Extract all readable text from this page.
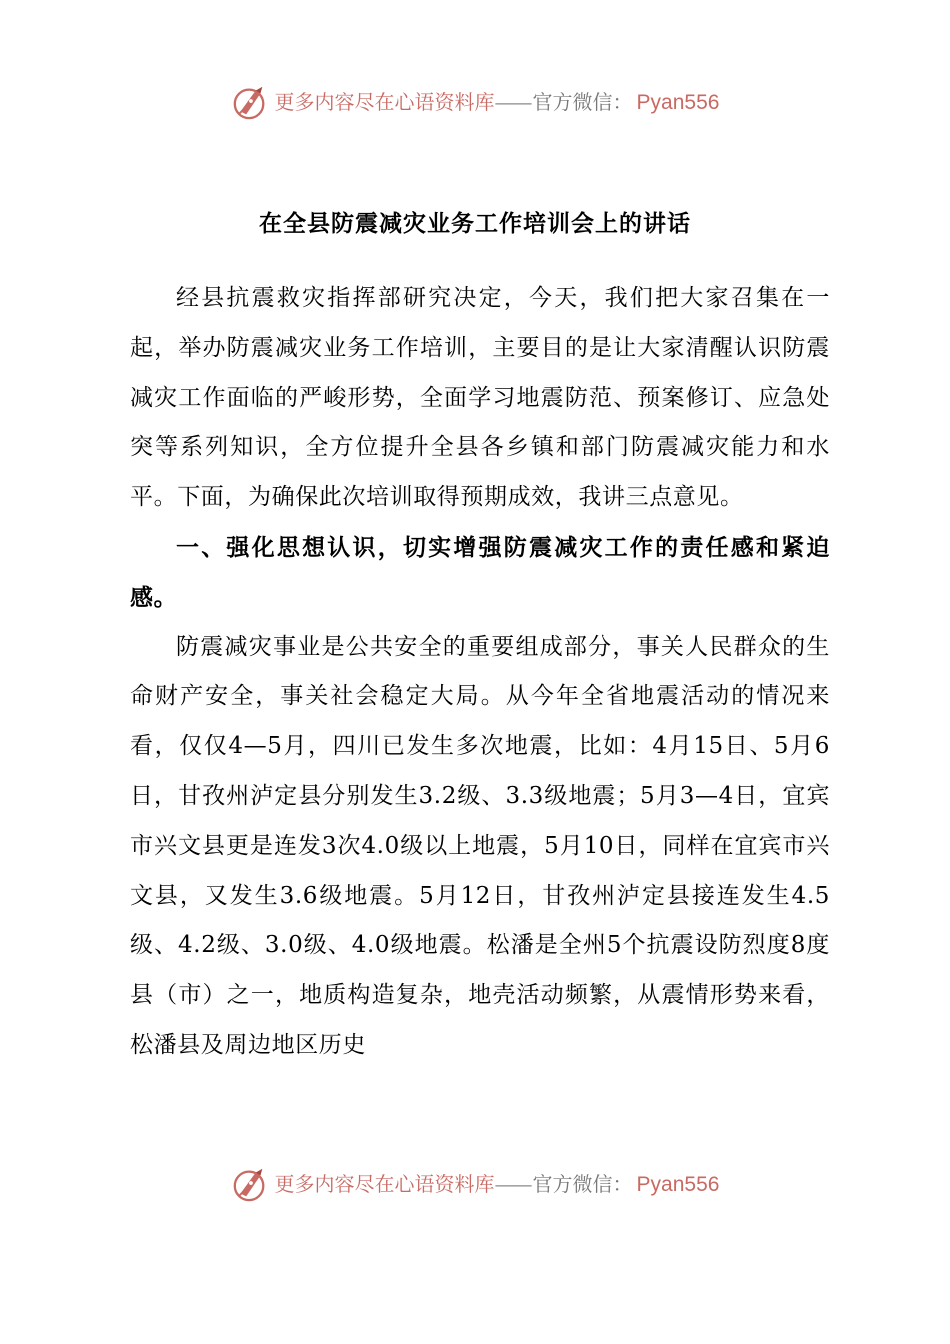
更多内容尽在心语资料库 —— 官方微信： Pyan556
在全县防震减灾业务工作培训会上的讲话

经县抗震救灾指挥部研究决定，今天，我们把大家召集在一起，举办防震减灾业务工作培训，主要目的是让大家清醒认识防震减灾工作面临的严峻形势，全面学习地震防范、预案修订、应急处突等系列知识，全方位提升全县各乡镇和部门防震减灾能力和水平。下面，为确保此次培训取得预期成效，我讲三点意见。

一、强化思想认识，切实增强防震减灾工作的责任感和紧迫感。

防震减灾事业是公共安全的重要组成部分，事关人民群众的生命财产安全，事关社会稳定大局。从今年全省地震活动的情况来看，仅仅4—5月，四川已发生多次地震，比如：4月15日、5月6日，甘孜州泸定县分别发生3.2级、3.3级地震；5月3—4日，宜宾市兴文县更是连发3次4.0级以上地震，5月10日，同样在宜宾市兴文县，又发生3.6级地震。5月12日，甘孜州泸定县接连发生4.5级、4.2级、3.0级、4.0级地震。松潘是全州5个抗震设防烈度8度县（市）之一，地质构造复杂，地壳活动频繁，从震情形势来看，松潘县及周边地区历史

更多内容尽在心语资料库 —— 官方微信： Pyan556
